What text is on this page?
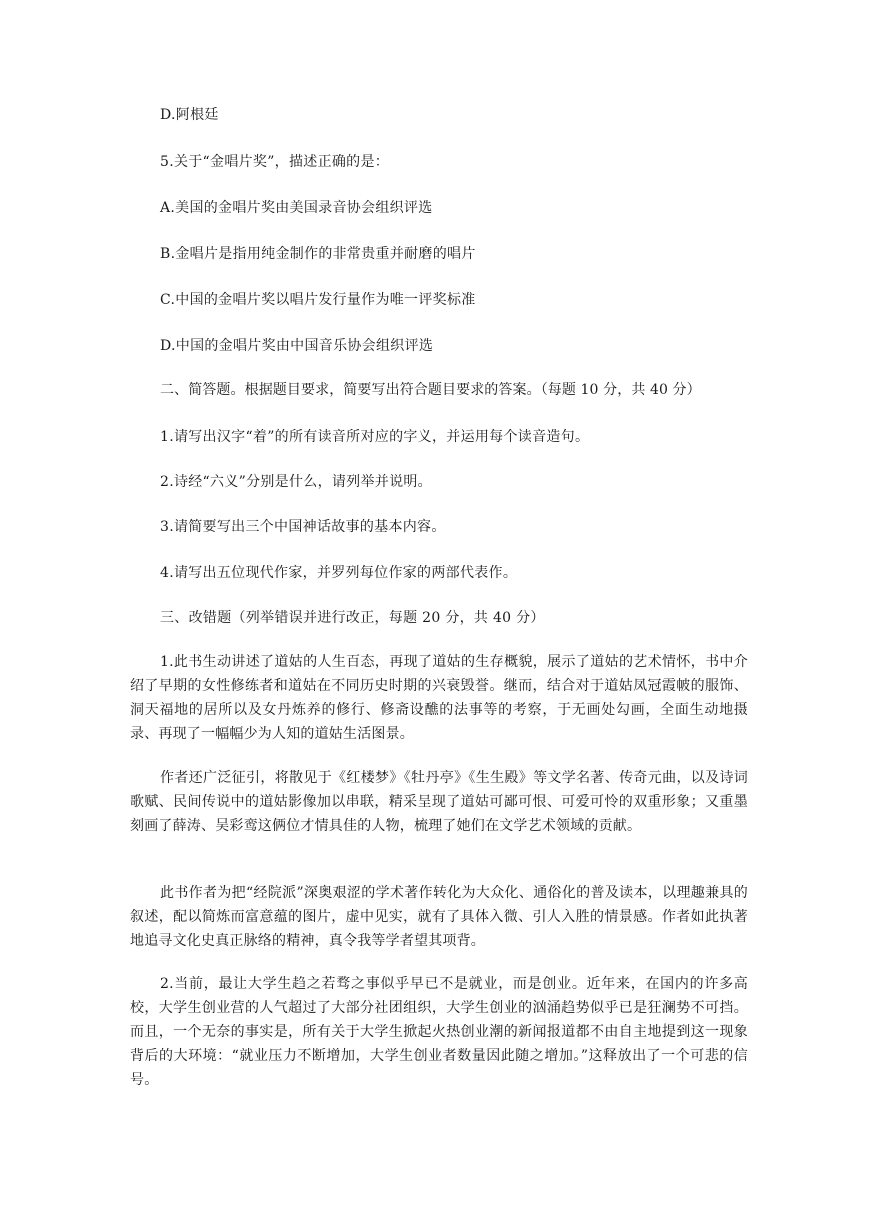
D.阿根廷
5.关于“金唱片奖”，描述正确的是：
A.美国的金唱片奖由美国录音协会组织评选
B.金唱片是指用纯金制作的非常贵重并耐磨的唱片
C.中国的金唱片奖以唱片发行量作为唯一评奖标准
D.中国的金唱片奖由中国音乐协会组织评选
二、简答题。根据题目要求，简要写出符合题目要求的答案。（每题 10 分，共 40 分）
1.请写出汉字“着”的所有读音所对应的字义，并运用每个读音造句。
2.诗经“六义”分别是什么，请列举并说明。
3.请简要写出三个中国神话故事的基本内容。
4.请写出五位现代作家，并罗列每位作家的两部代表作。
三、改错题（列举错误并进行改正，每题 20 分，共 40 分）
1.此书生动讲述了道姑的人生百态，再现了道姑的生存概貌，展示了道姑的艺术情怀，书中介绍了早期的女性修练者和道姑在不同历史时期的兴衰毁誉。继而，结合对于道姑凤冠霞帔的服饰、洞天福地的居所以及女丹炼养的修行、修斋设醮的法事等的考察，于无画处勾画，全面生动地摄录、再现了一幅幅少为人知的道姑生活图景。
作者还广泛征引，将散见于《红楼梦》《牡丹亭》《生生殿》等文学名著、传奇元曲，以及诗词歌赋、民间传说中的道姑影像加以串联，精采呈现了道姑可鄙可恨、可爱可怜的双重形象；又重墨刻画了薛涛、吴彩鸾这俩位才情具佳的人物，梳理了她们在文学艺术领域的贡献。
此书作者为把“经院派”深奥艰涩的学术著作转化为大众化、通俗化的普及读本，以理趣兼具的叙述，配以简炼而富意蕴的图片，虚中见实，就有了具体入微、引人入胜的情景感。作者如此执著地追寻文化史真正脉络的精神，真令我等学者望其项背。
2.当前，最让大学生趋之若骛之事似乎早已不是就业，而是创业。近年来，在国内的许多高校，大学生创业营的人气超过了大部分社团组织，大学生创业的汹涌趋势似乎已是狂澜势不可挡。而且，一个无奈的事实是，所有关于大学生掀起火热创业潮的新闻报道都不由自主地提到这一现象背后的大环境：“就业压力不断增加，大学生创业者数量因此随之增加。”这释放出了一个可悲的信号。
